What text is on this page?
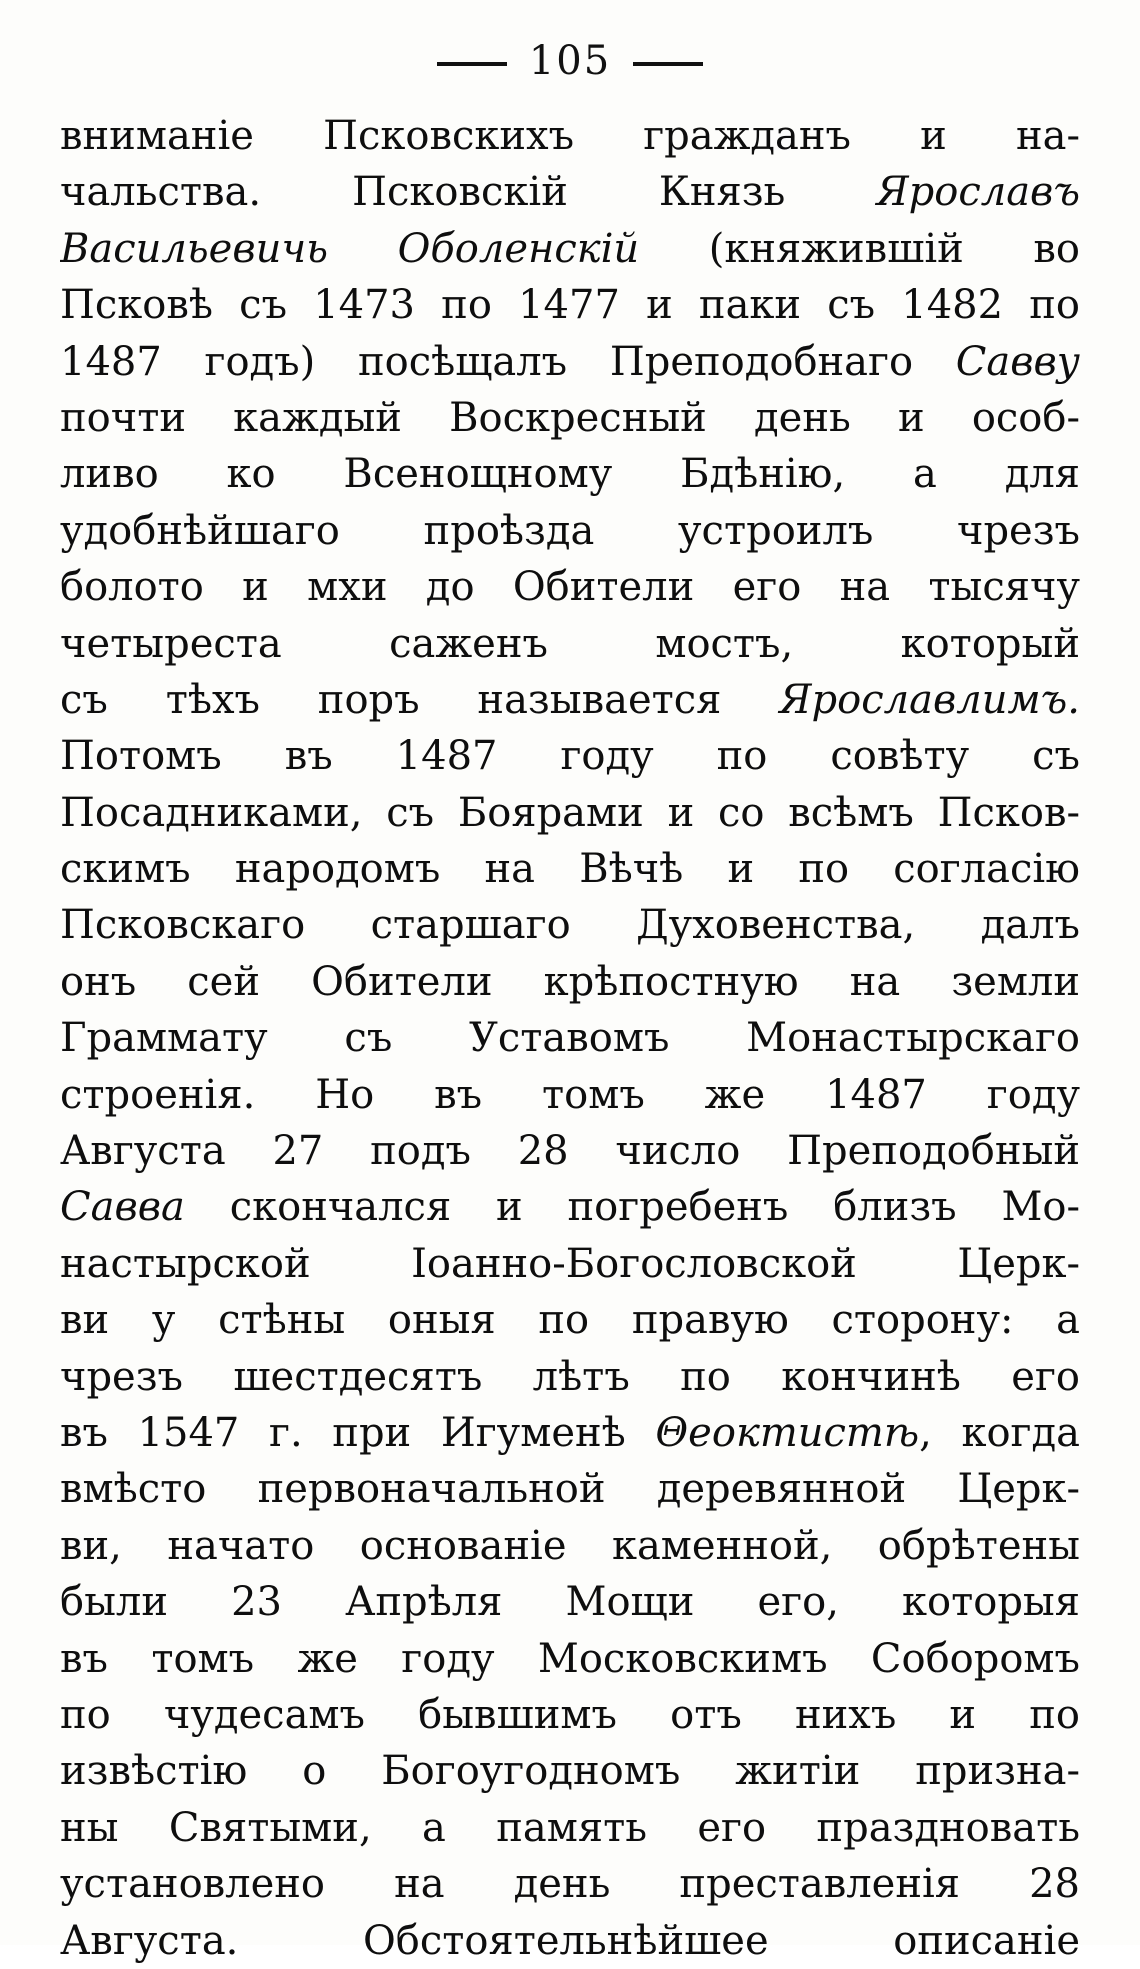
105
вниманіе Псковскихъ гражданъ и на-
чальства. Псковскій Князь Ярославъ
Васильевичь Оболенскій (княжившій во
Псковѣ съ 1473 по 1477 и паки съ 1482 по
1487 годъ) посѣщалъ Преподобнаго Савву
почти каждый Воскресный день и особ-
ливо ко Всенощному Бдѣнію, а для
удобнѣйшаго проѣзда устроилъ чрезъ
болото и мхи до Обители его на тысячу
четыреста саженъ мостъ, который
съ тѣхъ поръ называется Ярославлимъ.
Потомъ въ 1487 году по совѣту съ
Посадниками, съ Боярами и со всѣмъ Псков-
скимъ народомъ на Вѣчѣ и по согласію
Псковскаго старшаго Духовенства, далъ
онъ сей Обители крѣпостную на земли
Граммату съ Уставомъ Монастырскаго
строенія. Но въ томъ же 1487 году
Августа 27 подъ 28 число Преподобный
Савва скончался и погребенъ близъ Мо-
настырской Іоанно-Богословской Церк-
ви у стѣны оныя по правую сторону: а
чрезъ шестдесятъ лѣтъ по кончинѣ его
въ 1547 г. при Игуменѣ Θеоктистѣ, когда
вмѣсто первоначальной деревянной Церк-
ви, начато основаніе каменной, обрѣтены
были 23 Апрѣля Мощи его, которыя
въ томъ же году Московскимъ Соборомъ
по чудесамъ бывшимъ отъ нихъ и по
извѣстію о Богоугодномъ житіи призна-
ны Святыми, а память его праздновать
установлено на день преставленія 28
Августа. Обстоятельнѣйшее описаніе
